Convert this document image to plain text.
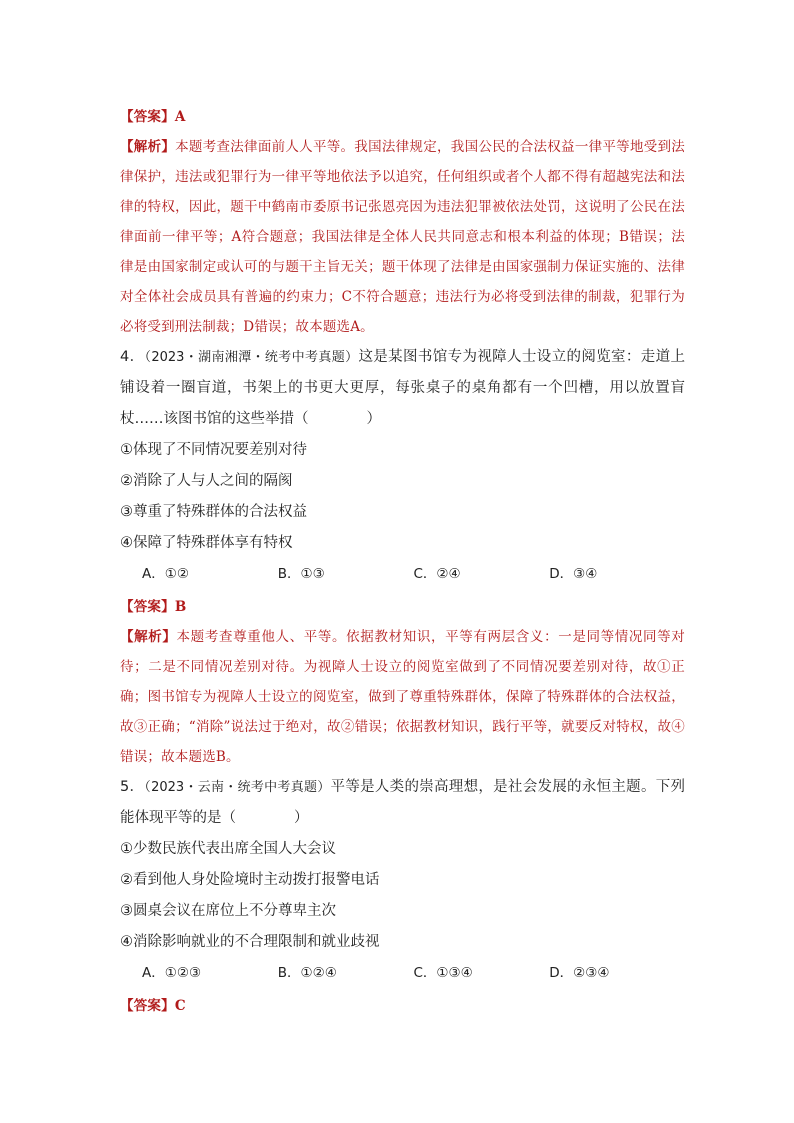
【答案】A
【解析】本题考查法律面前人人平等。我国法律规定，我国公民的合法权益一律平等地受到法律保护，违法或犯罪行为一律平等地依法予以追究，任何组织或者个人都不得有超越宪法和法律的特权，因此，题干中鹤南市委原书记张恩亮因为违法犯罪被依法处罚，这说明了公民在法律面前一律平等；A符合题意；我国法律是全体人民共同意志和根本利益的体现；B错误；法律是由国家制定或认可的与题干主旨无关；题干体现了法律是由国家强制力保证实施的、法律对全体社会成员具有普遍的约束力；C不符合题意；违法行为必将受到法律的制裁，犯罪行为必将受到刑法制裁；D错误；故本题选A。
4．（2023・湖南湘潭・统考中考真题）这是某图书馆专为视障人士设立的阅览室：走道上铺设着一圈盲道，书架上的书更大更厚，每张桌子的桌角都有一个凹槽，用以放置盲杖……该图书馆的这些举措（　　　　）

①体现了不同情况要差别对待

②消除了人与人之间的隔阂

③尊重了特殊群体的合法权益

④保障了特殊群体享有特权

A．①②	B．①③	C．②④	D．③④
【答案】B
【解析】本题考查尊重他人、平等。依据教材知识，平等有两层含义：一是同等情况同等对待；二是不同情况差别对待。为视障人士设立的阅览室做到了不同情况要差别对待，故①正确；图书馆专为视障人士设立的阅览室，做到了尊重特殊群体，保障了特殊群体的合法权益，故③正确；“消除”说法过于绝对，故②错误；依据教材知识，践行平等，就要反对特权，故④错误；故本题选B。
5．（2023・云南・统考中考真题）平等是人类的崇高理想，是社会发展的永恒主题。下列能体现平等的是（　　　　）

①少数民族代表出席全国人大会议

②看到他人身处险境时主动拨打报警电话

③圆桌会议在席位上不分尊卑主次

④消除影响就业的不合理限制和就业歧视

A．①②③	B．①②④	C．①③④	D．②③④
【答案】C
